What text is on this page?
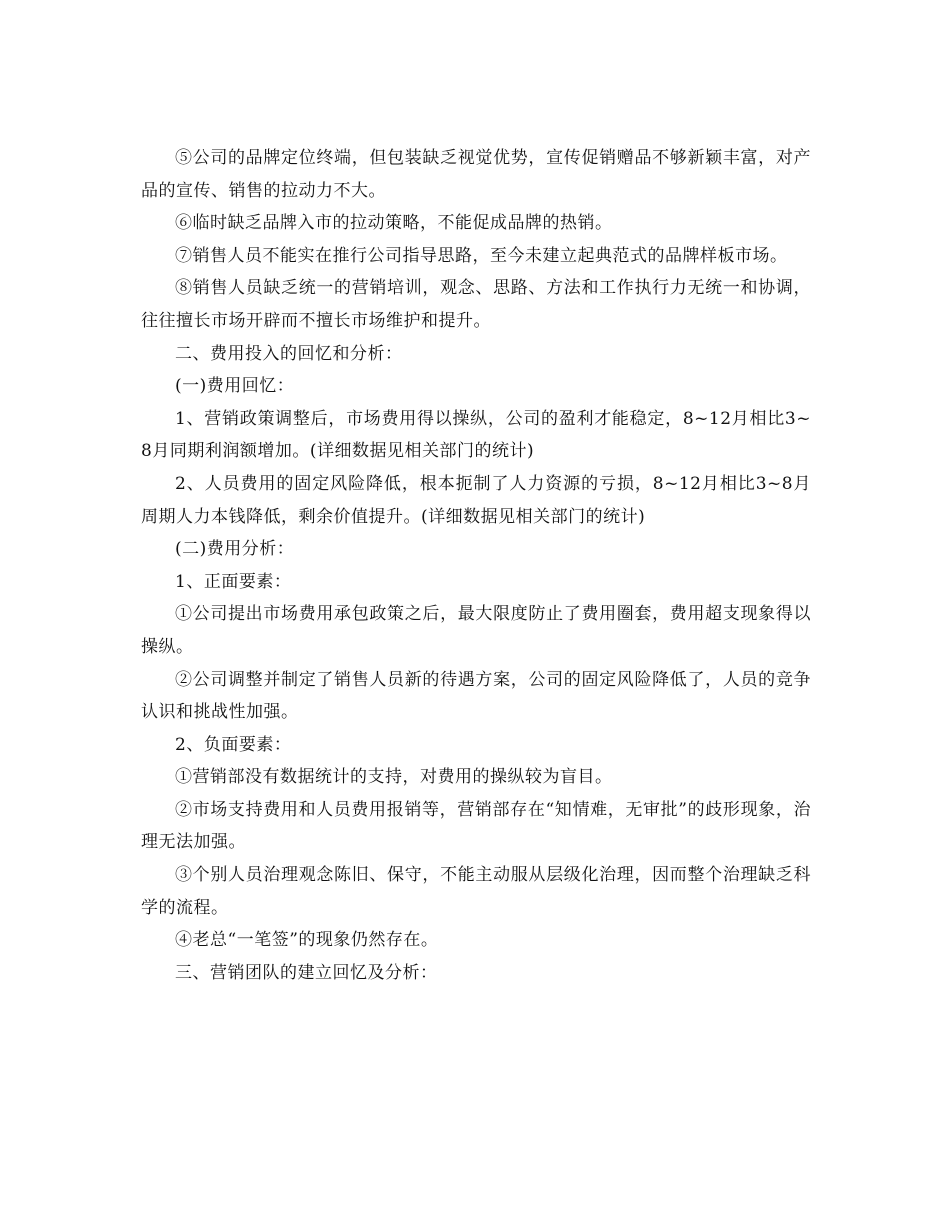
⑤公司的品牌定位终端，但包装缺乏视觉优势，宣传促销赠品不够新颖丰富，对产品的宣传、销售的拉动力不大。

⑥临时缺乏品牌入市的拉动策略，不能促成品牌的热销。

⑦销售人员不能实在推行公司指导思路，至今未建立起典范式的品牌样板市场。

⑧销售人员缺乏统一的营销培训，观念、思路、方法和工作执行力无统一和协调，往往擅长市场开辟而不擅长市场维护和提升。

二、费用投入的回忆和分析：

(一)费用回忆：

1、营销政策调整后，市场费用得以操纵，公司的盈利才能稳定，8~12月相比3~8月同期利润额增加。(详细数据见相关部门的统计)

2、人员费用的固定风险降低，根本扼制了人力资源的亏损，8~12月相比3~8月周期人力本钱降低，剩余价值提升。(详细数据见相关部门的统计)

(二)费用分析：

1、正面要素：

①公司提出市场费用承包政策之后，最大限度防止了费用圈套，费用超支现象得以操纵。

②公司调整并制定了销售人员新的待遇方案，公司的固定风险降低了，人员的竞争认识和挑战性加强。

2、负面要素：

①营销部没有数据统计的支持，对费用的操纵较为盲目。

②市场支持费用和人员费用报销等，营销部存在“知情难，无审批”的歧形现象，治理无法加强。

③个别人员治理观念陈旧、保守，不能主动服从层级化治理，因而整个治理缺乏科学的流程。

④老总“一笔签”的现象仍然存在。

三、营销团队的建立回忆及分析：
